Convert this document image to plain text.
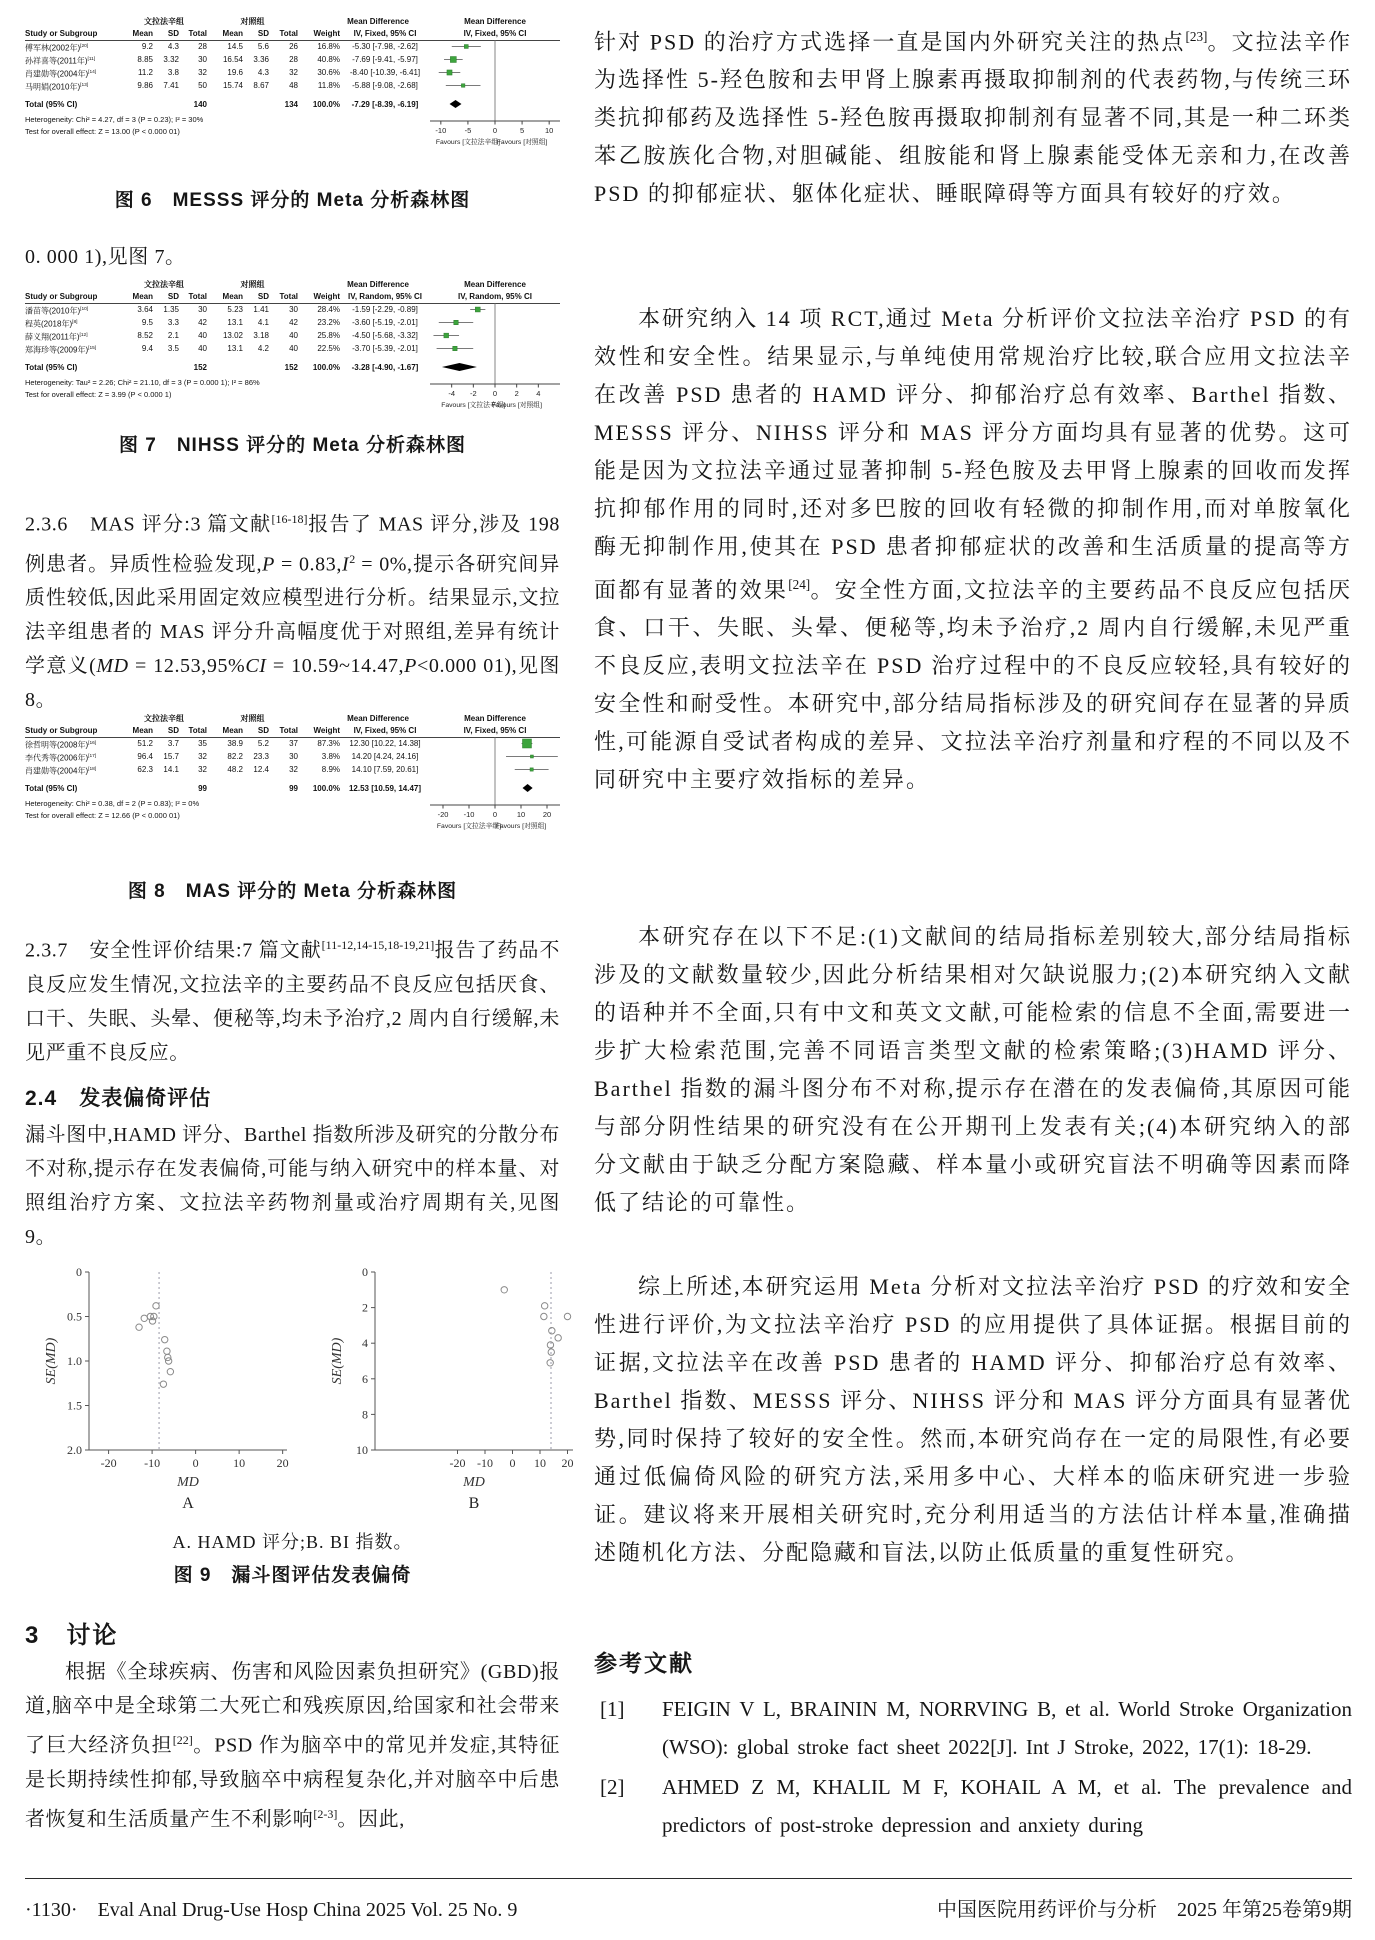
文拉法辛组	对照组	Mean Difference	Mean Difference
Study or Subgroup	Mean	SD	Total	Mean	SD	Total	Weight	IV, Fixed, 95% CI	IV, Fixed, 95% CI
傅军林(2002年)[20]	9.2	4.3	28	14.5	5.6	26	16.8%	-5.30 [-7.98, -2.62]
孙祥喜等(2011年)[11]	8.85	3.32	30	16.54	3.36	28	40.8%	-7.69 [-9.41, -5.97]
肖建勋等(2004年)[14]	11.2	3.8	32	19.6	4.3	32	30.6%	-8.40 [-10.39, -6.41]
马明娟(2010年)[13]	9.86	7.41	50	15.74	8.67	48	11.8%	-5.88 [-9.08, -2.68]
Total (95% CI)	140	134	100.0%	-7.29 [-8.39, -6.19]
Heterogeneity: Chi² = 4.27, df = 3 (P = 0.23); I² = 30%
Test for overall effect: Z = 13.00 (P < 0.000 01)	-10 -5	0	5	10
Favours [文拉法辛组]
Favours [对照组]
图 6　MESSS 评分的 Meta 分析森林图

0. 000 1),见图 7。

文拉法辛组	对照组	Mean Difference	Mean Difference
Study or Subgroup	Mean	SD	Total	Mean	SD	Total	Weight	IV, Random, 95% CI	IV, Random, 95% CI
潘苗等(2010年)[10]	3.64	1.35	30	5.23	1.41	30	28.4%	-1.59 [-2.29, -0.89]
程英(2018年)[8]	9.5	3.3	42	13.1	4.1	42	23.2%	-3.60 [-5.19, -2.01]
薛义翔(2011年)[12]	8.52	2.1	40	13.02	3.18	40	25.8%	-4.50 [-5.68, -3.32]
郑海珍等(2009年)[15]	9.4	3.5	40	13.1	4.2	40	22.5%	-3.70 [-5.39, -2.01]
Total (95% CI)	152	152	100.0%	-3.28 [-4.90, -1.67]
Heterogeneity: Tau² = 2.26; Chi² = 21.10, df = 3 (P = 0.000 1); I² = 86%
Test for overall effect: Z = 3.99 (P < 0.000 1)	-4 -2 0 2 4
Favours [文拉法辛组]
Favours [对照组]
图 7　NIHSS 评分的 Meta 分析森林图

2.3.6　MAS 评分:3 篇文献[16-18]报告了 MAS 评分,涉及 198 例患者。异质性检验发现$,P = 0.83,I^2 = 0\%$,提示各研究间异质性较低,因此采用固定效应模型进行分析。结果显示,文拉法辛组患者的 MAS 评分升高幅度优于对照组,差异有统计学意义(MD = 12.53,95%CI = 10.59~14.47,P<0.000 01),见图 8。

文拉法辛组	对照组	Mean Difference	Mean Difference
Study or Subgroup	Mean	SD	Total	Mean	SD	Total	Weight	IV, Fixed, 95% CI	IV, Fixed, 95% CI
徐哲明等(2008年)[16]	51.2	3.7	35	38.9	5.2	37	87.3%	12.30 [10.22, 14.38]
李代秀等(2006年)[17]	96.4	15.7	32	82.2	23.3	30	3.8%	14.20 [4.24, 24.16]
肖建勋等(2004年)[18]	62.3	14.1	32	48.2	12.4	32	8.9%	14.10 [7.59, 20.61]
Total (95% CI)	99	99	100.0%	12.53 [10.59, 14.47]
Heterogeneity: Chi² = 0.38, df = 2 (P = 0.83); I² = 0%
Test for overall effect: Z = 12.66 (P < 0.000 01)	-20 -10 0	10 20
Favours [文拉法辛组]
Favours [对照组]
图 8　MAS 评分的 Meta 分析森林图

2.3.7　安全性评价结果:7 篇文献[11-12,14-15,18-19,21]报告了药品不良反应发生情况,文拉法辛的主要药品不良反应包括厌食、口干、失眠、头晕、便秘等,均未予治疗,2 周内自行缓解,未见严重不良反应。

2.4　发表偏倚评估

漏斗图中,HAMD 评分、Barthel 指数所涉及研究的分散分布不对称,提示存在发表偏倚,可能与纳入研究中的样本量、对照组治疗方案、文拉法辛药物剂量或治疗周期有关,见图 9。

0
0.5
1.0
1.5
2.0
-20 -10	0	10	20
SE(MD)
MD
A
0
2
4
6
8
10
-20 -10 0 10 20
SE(MD)
MD
B
A. HAMD 评分;B. BI 指数。
图 9　漏斗图评估发表偏倚
3　讨论

根据《全球疾病、伤害和风险因素负担研究》(GBD)报道,脑卒中是全球第二大死亡和残疾原因,给国家和社会带来了巨大经济负担[22]。PSD 作为脑卒中的常见并发症,其特征是长期持续性抑郁,导致脑卒中病程复杂化,并对脑卒中后患者恢复和生活质量产生不利影响[2-3]。因此,

针对 PSD 的治疗方式选择一直是国内外研究关注的热点[23]。文拉法辛作为选择性 5-羟色胺和去甲肾上腺素再摄取抑制剂的代表药物,与传统三环类抗抑郁药及选择性 5-羟色胺再摄取抑制剂有显著不同,其是一种二环类苯乙胺族化合物,对胆碱能、组胺能和肾上腺素能受体无亲和力,在改善 PSD 的抑郁症状、躯体化症状、睡眠障碍等方面具有较好的疗效。

本研究纳入 14 项 RCT,通过 Meta 分析评价文拉法辛治疗 PSD 的有效性和安全性。结果显示,与单纯使用常规治疗比较,联合应用文拉法辛在改善 PSD 患者的 HAMD 评分、抑郁治疗总有效率、Barthel 指数、MESSS 评分、NIHSS 评分和 MAS 评分方面均具有显著的优势。这可能是因为文拉法辛通过显著抑制 5-羟色胺及去甲肾上腺素的回收而发挥抗抑郁作用的同时,还对多巴胺的回收有轻微的抑制作用,而对单胺氧化酶无抑制作用,使其在 PSD 患者抑郁症状的改善和生活质量的提高等方面都有显著的效果[24]。安全性方面,文拉法辛的主要药品不良反应包括厌食、口干、失眠、头晕、便秘等,均未予治疗,2 周内自行缓解,未见严重不良反应,表明文拉法辛在 PSD 治疗过程中的不良反应较轻,具有较好的安全性和耐受性。本研究中,部分结局指标涉及的研究间存在显著的异质性,可能源自受试者构成的差异、文拉法辛治疗剂量和疗程的不同以及不同研究中主要疗效指标的差异。

本研究存在以下不足:(1)文献间的结局指标差别较大,部分结局指标涉及的文献数量较少,因此分析结果相对欠缺说服力;(2)本研究纳入文献的语种并不全面,只有中文和英文文献,可能检索的信息不全面,需要进一步扩大检索范围,完善不同语言类型文献的检索策略;(3)HAMD 评分、Barthel 指数的漏斗图分布不对称,提示存在潜在的发表偏倚,其原因可能与部分阴性结果的研究没有在公开期刊上发表有关;(4)本研究纳入的部分文献由于缺乏分配方案隐藏、样本量小或研究盲法不明确等因素而降低了结论的可靠性。

综上所述,本研究运用 Meta 分析对文拉法辛治疗 PSD 的疗效和安全性进行评价,为文拉法辛治疗 PSD 的应用提供了具体证据。根据目前的证据,文拉法辛在改善 PSD 患者的 HAMD 评分、抑郁治疗总有效率、Barthel 指数、MESSS 评分、NIHSS 评分和 MAS 评分方面具有显著优势,同时保持了较好的安全性。然而,本研究尚存在一定的局限性,有必要通过低偏倚风险的研究方法,采用多中心、大样本的临床研究进一步验证。建议将来开展相关研究时,充分利用适当的方法估计样本量,准确描述随机化方法、分配隐藏和盲法,以防止低质量的重复性研究。

参考文献
[1] FEIGIN V L, BRAININ M, NORRVING B, et al. World Stroke Organization (WSO): global stroke fact sheet 2022[J]. Int J Stroke, 2022, 17(1): 18-29.
[2] AHMED Z M, KHALIL M F, KOHAIL A M, et al. The prevalence and predictors of post-stroke depression and anxiety during
·1130·　Eval Anal Drug-Use Hosp China 2025 Vol. 25 No. 9	中国医院用药评价与分析　2025 年第25卷第9期
